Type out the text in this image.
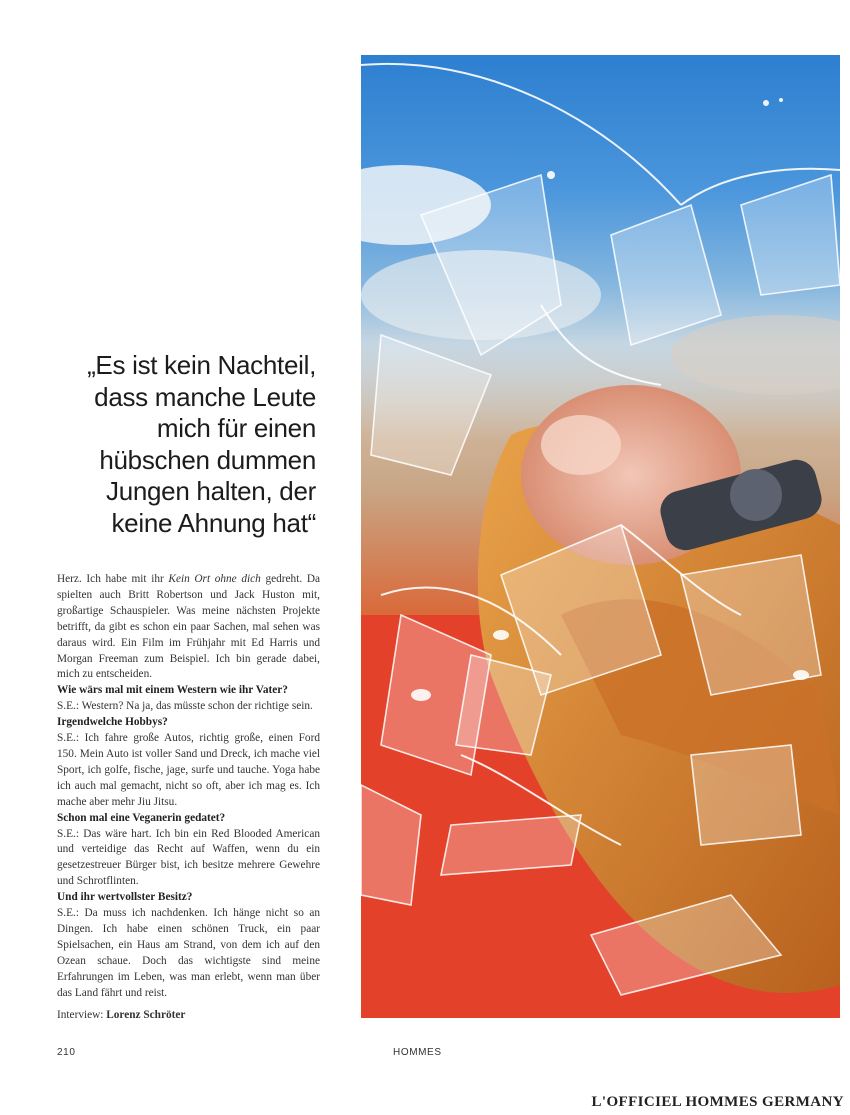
„Es ist kein Nachteil,
dass manche Leute
mich für einen
hübschen dummen
Jungen halten, der
keine Ahnung hat“

Herz. Ich habe mit ihr Kein Ort ohne dich gedreht. Da spielten auch Britt Robertson und Jack Huston mit, großartige Schauspieler. Was meine nächsten Projekte betrifft, da gibt es schon ein paar Sachen, mal sehen was daraus wird. Ein Film im Frühjahr mit Ed Harris und Morgan Freeman zum Beispiel. Ich bin gerade dabei, mich zu entscheiden.

Wie wärs mal mit einem Western wie ihr Vater?

S.E.: Western? Na ja, das müsste schon der richtige sein.

Irgendwelche Hobbys?

S.E.: Ich fahre große Autos, richtig große, einen Ford 150. Mein Auto ist voller Sand und Dreck, ich mache viel Sport, ich golfe, fische, jage, surfe und tauche. Yoga habe ich auch mal gemacht, nicht so oft, aber ich mag es. Ich mache aber mehr Jiu Jitsu.

Schon mal eine Veganerin gedatet?

S.E.: Das wäre hart. Ich bin ein Red Blooded American und verteidige das Recht auf Waffen, wenn du ein gesetzestreuer Bürger bist, ich besitze mehrere Gewehre und Schrotflinten.

Und ihr wertvollster Besitz?

S.E.: Da muss ich nachdenken. Ich hänge nicht so an Dingen. Ich habe einen schönen Truck, ein paar Spielsachen, ein Haus am Strand, von dem ich auf den Ozean schaue. Doch das wichtigste sind meine Erfahrungen im Leben, was man erlebt, wenn man über das Land fährt und reist.

Interview: Lorenz Schröter
210	HOMMES
L'OFFICIEL HOMMES GERMANY
